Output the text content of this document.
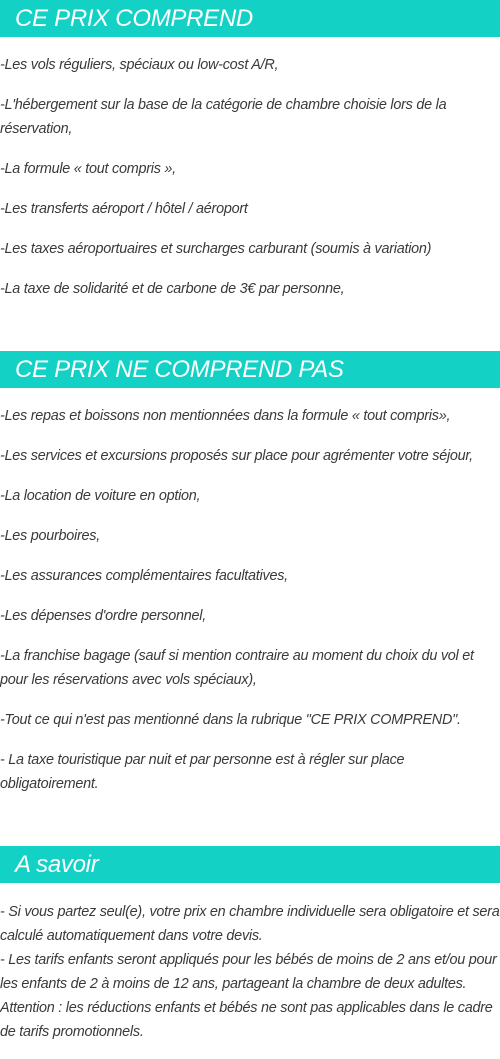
CE PRIX COMPREND

-Les vols réguliers, spéciaux ou low-cost A/R,

-L'hébergement sur la base de la catégorie de chambre choisie lors de la réservation,

-La formule « tout compris »,

-Les transferts aéroport / hôtel / aéroport

-Les taxes aéroportuaires et surcharges carburant (soumis à variation)

-La taxe de solidarité et de carbone de 3€ par personne,

CE PRIX NE COMPREND PAS

-Les repas et boissons non mentionnées dans la formule « tout compris»,

-Les services et excursions proposés sur place pour agrémenter votre séjour,

-La location de voiture en option,

-Les pourboires,

-Les assurances complémentaires facultatives,

-Les dépenses d'ordre personnel,

-La franchise bagage (sauf si mention contraire au moment du choix du vol et pour les réservations avec vols spéciaux),

-Tout ce qui n'est pas mentionné dans la rubrique "CE PRIX COMPREND".

- La taxe touristique par nuit et par personne est à régler sur place obligatoirement.

A savoir

- Si vous partez seul(e), votre prix en chambre individuelle sera obligatoire et sera calculé automatiquement dans votre devis.

- Les tarifs enfants seront appliqués pour les bébés de moins de 2 ans et/ou pour les enfants de 2 à moins de 12 ans, partageant la chambre de deux adultes.

Attention : les réductions enfants et bébés ne sont pas applicables dans le cadre de tarifs promotionnels.
